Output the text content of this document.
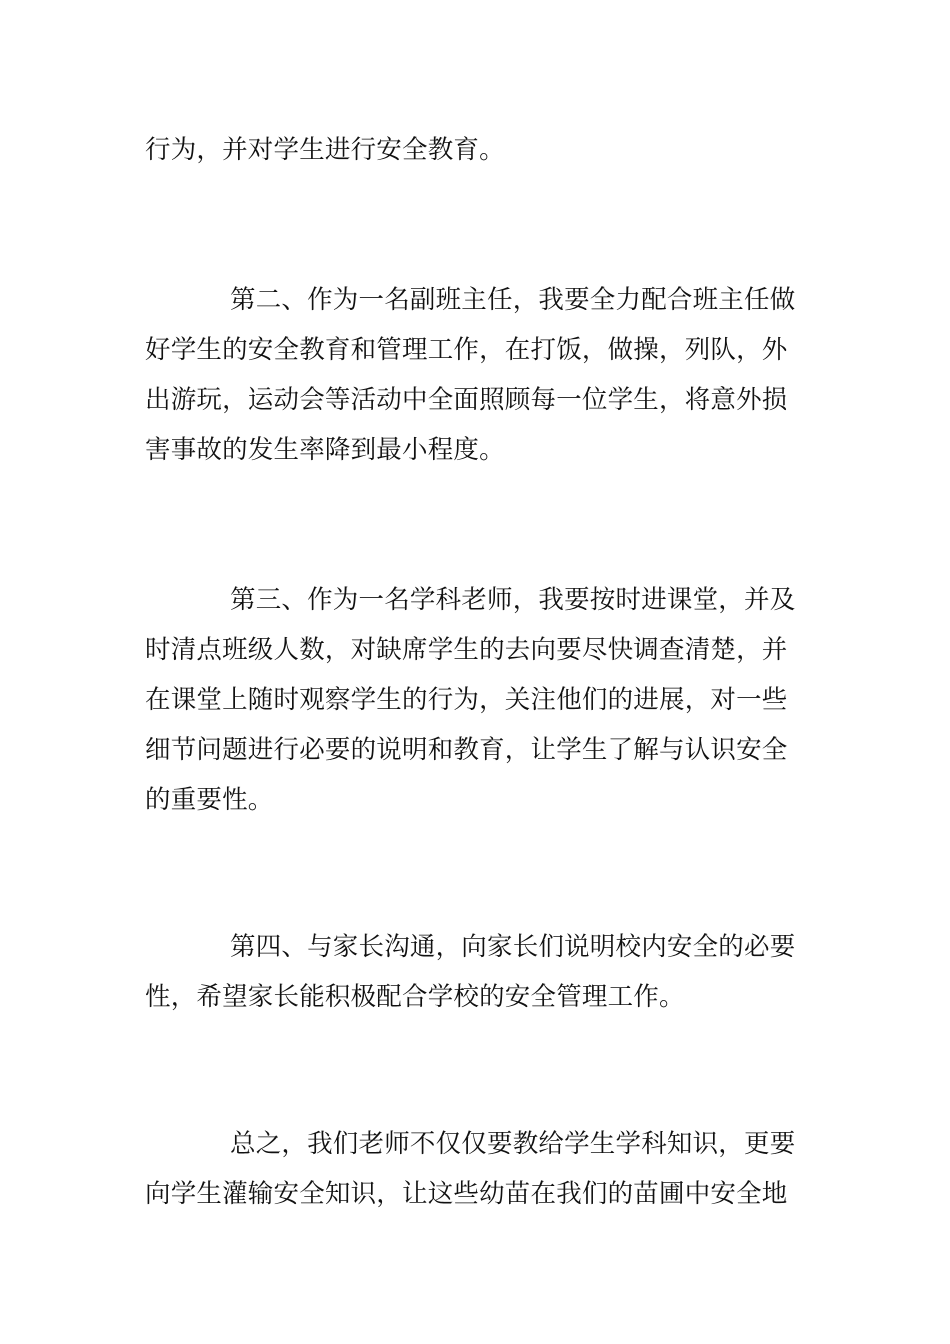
行为，并对学生进行安全教育。
第二、作为一名副班主任，我要全力配合班主任做
好学生的安全教育和管理工作，在打饭，做操，列队，外
出游玩，运动会等活动中全面照顾每一位学生，将意外损
害事故的发生率降到最小程度。
第三、作为一名学科老师，我要按时进课堂，并及
时清点班级人数，对缺席学生的去向要尽快调查清楚，并
在课堂上随时观察学生的行为，关注他们的进展，对一些
细节问题进行必要的说明和教育，让学生了解与认识安全
的重要性。
第四、与家长沟通，向家长们说明校内安全的必要
性，希望家长能积极配合学校的安全管理工作。
总之，我们老师不仅仅要教给学生学科知识，更要
向学生灌输安全知识，让这些幼苗在我们的苗圃中安全地
